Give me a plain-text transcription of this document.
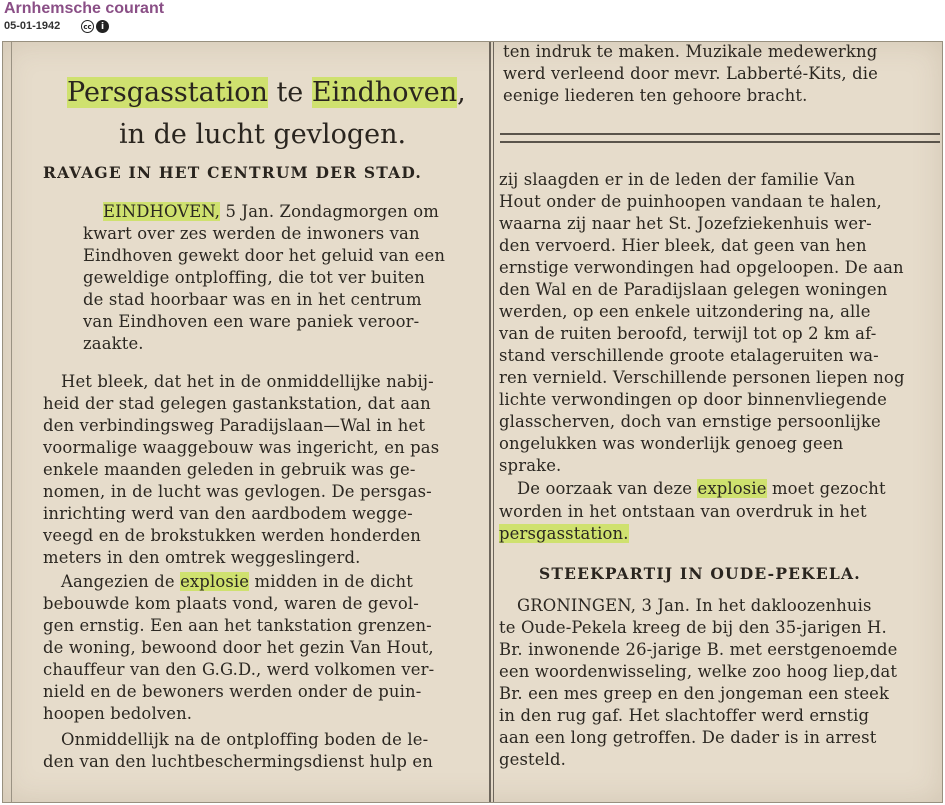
Arnhemsche courant
05-01-1942	cc	i
Persgasstation te Eindhoven,
in de lucht gevlogen.
RAVAGE IN HET CENTRUM DER STAD.
EINDHOVEN, 5 Jan. Zondagmorgen om
kwart over zes werden de inwoners van
Eindhoven gewekt door het geluid van een
geweldige ontploffing, die tot ver buiten
de stad hoorbaar was en in het centrum
van Eindhoven een ware paniek veroor-
zaakte.
Het bleek, dat het in de onmiddellijke nabij-
heid der stad gelegen gastankstation, dat aan
den verbindingsweg Paradijslaan—Wal in het
voormalige waaggebouw was ingericht, en pas
enkele maanden geleden in gebruik was ge-
nomen, in de lucht was gevlogen. De persgas-
inrichting werd van den aardbodem wegge-
veegd en de brokstukken werden honderden
meters in den omtrek weggeslingerd.
bebouwde kom plaats vond, waren de gevol-
gen ernstig. Een aan het tankstation grenzen-
de woning, bewoond door het gezin Van Hout,
chauffeur van den G.G.D., werd volkomen ver-
nield en de bewoners werden onder de puin-
hoopen bedolven.
Onmiddellijk na de ontploffing boden de le-
den van den luchtbeschermingsdienst hulp en
Aangezien de explosie midden in de dicht
ten indruk te maken. Muzikale medewerkng
werd verleend door mevr. Labberté-Kits, die
eenige liederen ten gehoore bracht.
zij slaagden er in de leden der familie Van
Hout onder de puinhoopen vandaan te halen,
waarna zij naar het St. Jozefziekenhuis wer-
den vervoerd. Hier bleek, dat geen van hen
ernstige verwondingen had opgeloopen. De aan
den Wal en de Paradijslaan gelegen woningen
werden, op een enkele uitzondering na, alle
van de ruiten beroofd, terwijl tot op 2 km af-
stand verschillende groote etalageruiten wa-
ren vernield. Verschillende personen liepen nog
lichte verwondingen op door binnenvliegende
glasscherven, doch van ernstige persoonlijke
ongelukken was wonderlijk genoeg geen
sprake.
worden in het ontstaan van overdruk in het
De oorzaak van deze explosie moet gezocht
persgasstation.
STEEKPARTIJ IN OUDE-PEKELA.
GRONINGEN, 3 Jan. In het dakloozenhuis
te Oude-Pekela kreeg de bij den 35-jarigen H.
Br. inwonende 26-jarige B. met eerstgenoemde
een woordenwisseling, welke zoo hoog liep,dat
Br. een mes greep en den jongeman een steek
in den rug gaf. Het slachtoffer werd ernstig
aan een long getroffen. De dader is in arrest
gesteld.
